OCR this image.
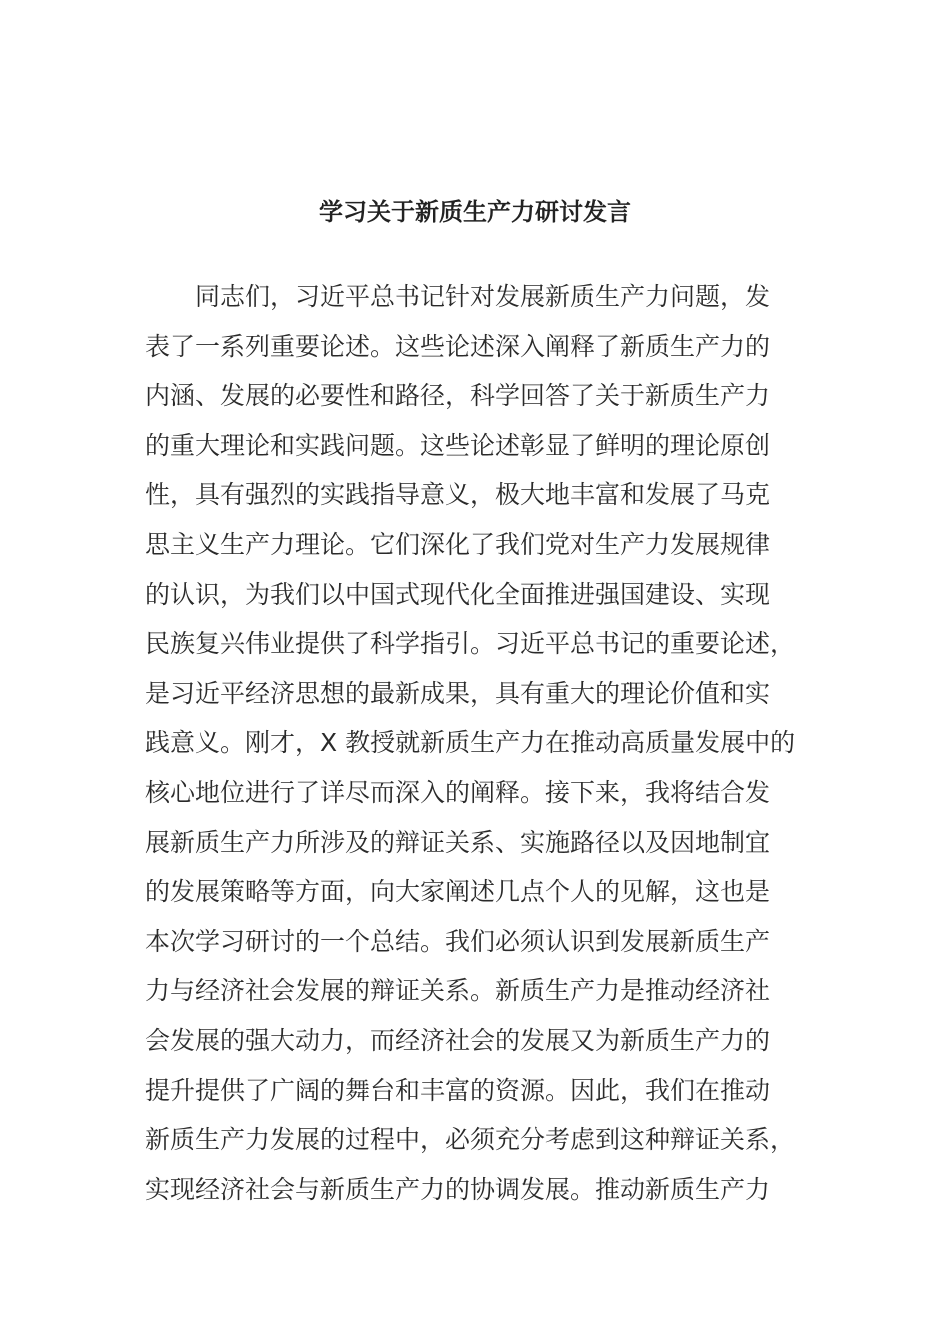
学习关于新质生产力研讨发言
同志们，习近平总书记针对发展新质生产力问题，发
表了一系列重要论述。这些论述深入阐释了新质生产力的
内涵、发展的必要性和路径，科学回答了关于新质生产力
的重大理论和实践问题。这些论述彰显了鲜明的理论原创
性，具有强烈的实践指导意义，极大地丰富和发展了马克
思主义生产力理论。它们深化了我们党对生产力发展规律
的认识，为我们以中国式现代化全面推进强国建设、实现
民族复兴伟业提供了科学指引。习近平总书记的重要论述，
是习近平经济思想的最新成果，具有重大的理论价值和实
践意义。刚才，X 教授就新质生产力在推动高质量发展中的
核心地位进行了详尽而深入的阐释。接下来，我将结合发
展新质生产力所涉及的辩证关系、实施路径以及因地制宜
的发展策略等方面，向大家阐述几点个人的见解，这也是
本次学习研讨的一个总结。我们必须认识到发展新质生产
力与经济社会发展的辩证关系。新质生产力是推动经济社
会发展的强大动力，而经济社会的发展又为新质生产力的
提升提供了广阔的舞台和丰富的资源。因此，我们在推动
新质生产力发展的过程中，必须充分考虑到这种辩证关系，
实现经济社会与新质生产力的协调发展。推动新质生产力
